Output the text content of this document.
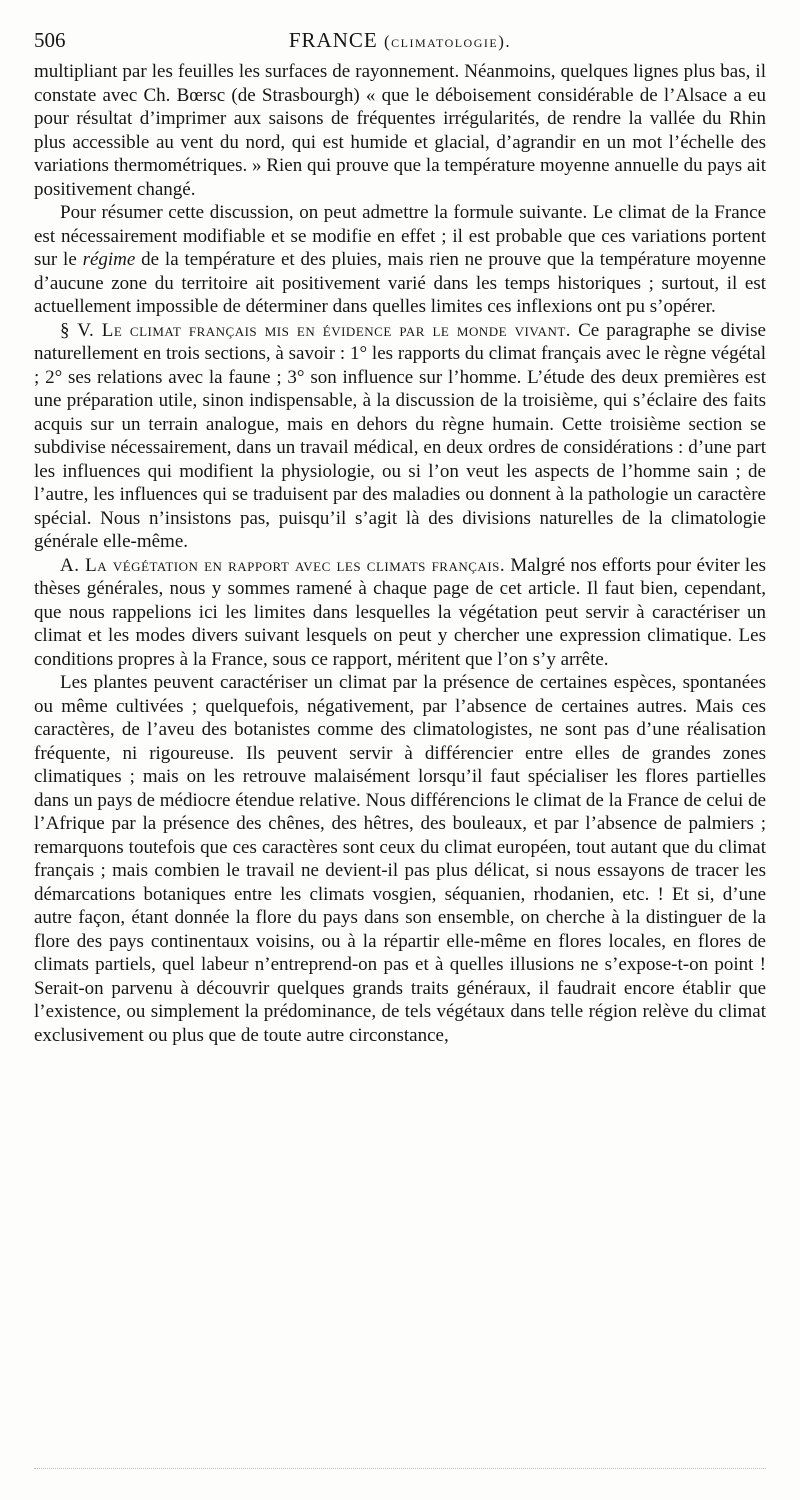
506	FRANCE (climatologie).

multipliant par les feuilles les surfaces de rayonnement. Néanmoins, quelques lignes plus bas, il constate avec Ch. Bœrsc (de Strasbourgh) « que le déboisement considérable de l’Alsace a eu pour résultat d’imprimer aux saisons de fréquentes irrégularités, de rendre la vallée du Rhin plus accessible au vent du nord, qui est humide et glacial, d’agrandir en un mot l’échelle des variations thermométriques. » Rien qui prouve que la température moyenne annuelle du pays ait positivement changé.

Pour résumer cette discussion, on peut admettre la formule suivante. Le climat de la France est nécessairement modifiable et se modifie en effet ; il est probable que ces variations portent sur le régime de la température et des pluies, mais rien ne prouve que la température moyenne d’aucune zone du territoire ait positivement varié dans les temps historiques ; surtout, il est actuellement impossible de déterminer dans quelles limites ces inflexions ont pu s’opérer.

§ V. Le climat français mis en évidence par le monde vivant. Ce paragraphe se divise naturellement en trois sections, à savoir : 1° les rapports du climat français avec le règne végétal ; 2° ses relations avec la faune ; 3° son influence sur l’homme. L’étude des deux premières est une préparation utile, sinon indispensable, à la discussion de la troisième, qui s’éclaire des faits acquis sur un terrain analogue, mais en dehors du règne humain. Cette troisième section se subdivise nécessairement, dans un travail médical, en deux ordres de considérations : d’une part les influences qui modifient la physiologie, ou si l’on veut les aspects de l’homme sain ; de l’autre, les influences qui se traduisent par des maladies ou donnent à la pathologie un caractère spécial. Nous n’insistons pas, puisqu’il s’agit là des divisions naturelles de la climatologie générale elle-même.

A. La végétation en rapport avec les climats français. Malgré nos efforts pour éviter les thèses générales, nous y sommes ramené à chaque page de cet article. Il faut bien, cependant, que nous rappelions ici les limites dans lesquelles la végétation peut servir à caractériser un climat et les modes divers suivant lesquels on peut y chercher une expression climatique. Les conditions propres à la France, sous ce rapport, méritent que l’on s’y arrête.

Les plantes peuvent caractériser un climat par la présence de certaines espèces, spontanées ou même cultivées ; quelquefois, négativement, par l’absence de certaines autres. Mais ces caractères, de l’aveu des botanistes comme des climatologistes, ne sont pas d’une réalisation fréquente, ni rigoureuse. Ils peuvent servir à différencier entre elles de grandes zones climatiques ; mais on les retrouve malaisément lorsqu’il faut spécialiser les flores partielles dans un pays de médiocre étendue relative. Nous différencions le climat de la France de celui de l’Afrique par la présence des chênes, des hêtres, des bouleaux, et par l’absence de palmiers ; remarquons toutefois que ces caractères sont ceux du climat européen, tout autant que du climat français ; mais combien le travail ne devient-il pas plus délicat, si nous essayons de tracer les démarcations botaniques entre les climats vosgien, séquanien, rhodanien, etc. ! Et si, d’une autre façon, étant donnée la flore du pays dans son ensemble, on cherche à la distinguer de la flore des pays continentaux voisins, ou à la répartir elle-même en flores locales, en flores de climats partiels, quel labeur n’entreprend-on pas et à quelles illusions ne s’expose-t-on point ! Serait-on parvenu à découvrir quelques grands traits généraux, il faudrait encore établir que l’existence, ou simplement la prédominance, de tels végétaux dans telle région relève du climat exclusivement ou plus que de toute autre circonstance,
